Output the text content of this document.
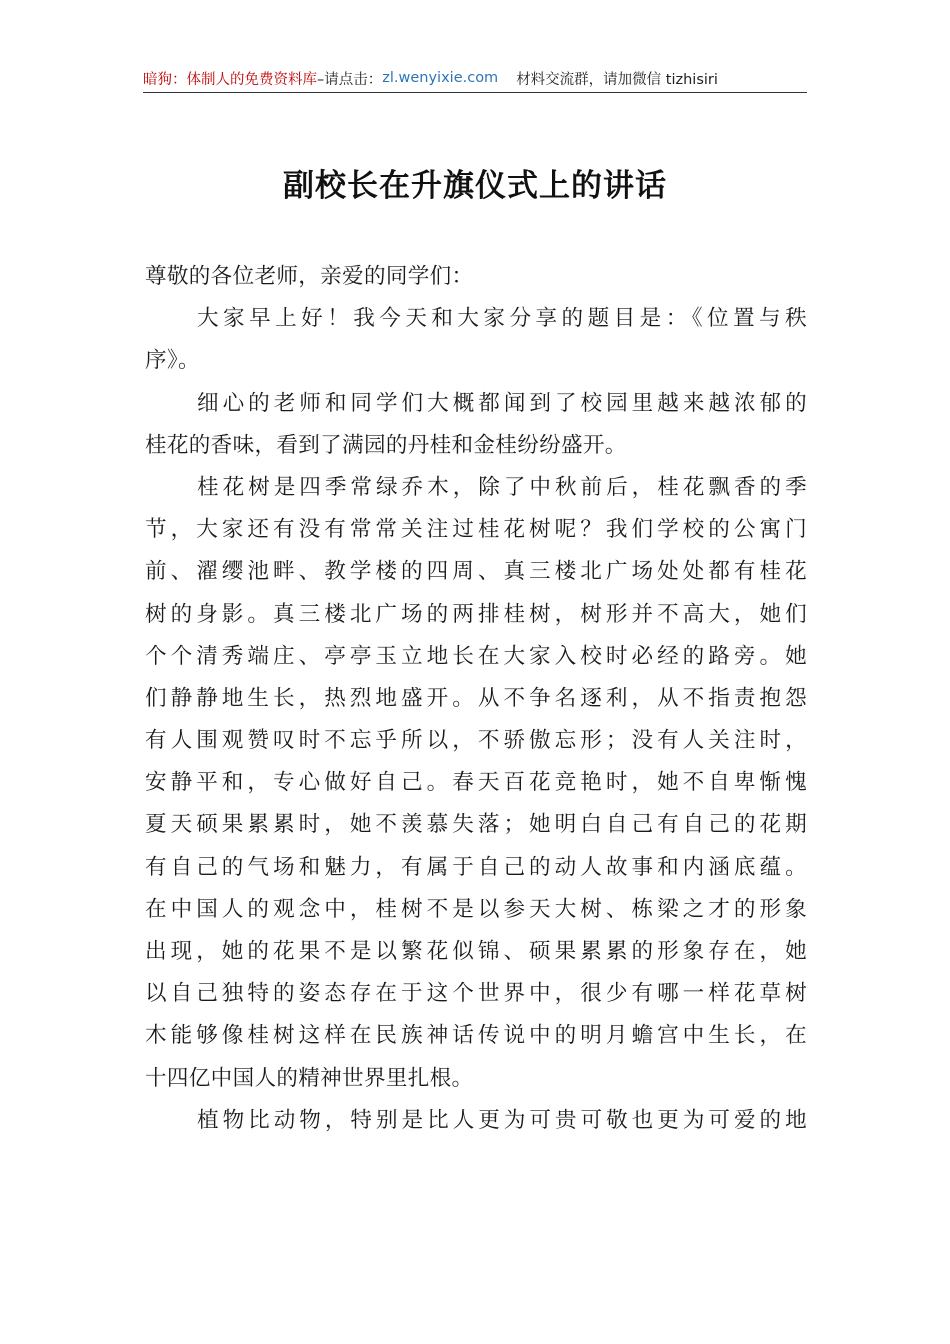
暗狗：体制人的免费资料库 –请点击： zl.wenyixie.com 材料交流群，请加微信 tizhisiri
副校长在升旗仪式上的讲话
尊敬的各位老师，亲爱的同学们：
大家早上好！我今天和大家分享的题目是：《位置与秩
序》。
细心的老师和同学们大概都闻到了校园里越来越浓郁的
桂花的香味，看到了满园的丹桂和金桂纷纷盛开。
桂花树是四季常绿乔木，除了中秋前后，桂花飘香的季
节，大家还有没有常常关注过桂花树呢？我们学校的公寓门
前、濯缨池畔、教学楼的四周、真三楼北广场处处都有桂花
树的身影。真三楼北广场的两排桂树，树形并不高大，她们
个个清秀端庄、亭亭玉立地长在大家入校时必经的路旁。她
们静静地生长，热烈地盛开。从不争名逐利，从不指责抱怨
有人围观赞叹时不忘乎所以，不骄傲忘形；没有人关注时，
安静平和，专心做好自己。春天百花竞艳时，她不自卑惭愧
夏天硕果累累时，她不羡慕失落；她明白自己有自己的花期
有自己的气场和魅力，有属于自己的动人故事和内涵底蕴。
在中国人的观念中，桂树不是以参天大树、栋梁之才的形象
出现，她的花果不是以繁花似锦、硕果累累的形象存在，她
以自己独特的姿态存在于这个世界中，很少有哪一样花草树
木能够像桂树这样在民族神话传说中的明月蟾宫中生长，在
十四亿中国人的精神世界里扎根。
植物比动物，特别是比人更为可贵可敬也更为可爱的地
